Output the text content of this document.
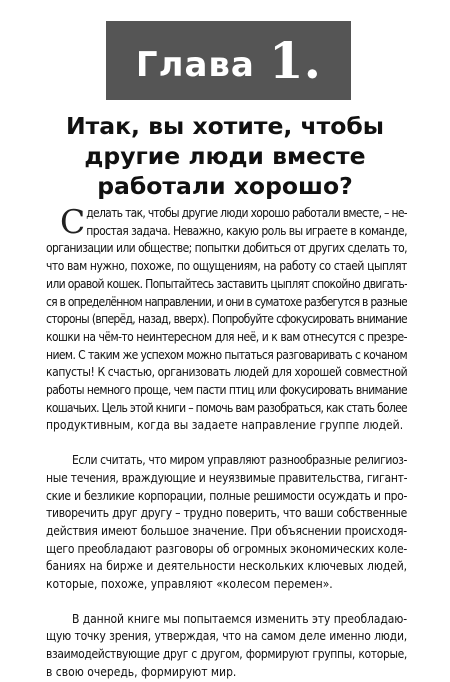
Глава 1.
Итак, вы хотите, чтобы
другие люди вместе
работали хорошо?
С делать так, чтобы другие люди хорошо работали вместе, – не-
простая задача. Неважно, какую роль вы играете в команде,
организации или обществе; попытки добиться от других сделать то,
что вам нужно, похоже, по ощущениям, на работу со стаей цыплят
или оравой кошек. Попытайтесь заставить цыплят спокойно двигать-
ся в определённом направлении, и они в суматохе разбегутся в разные
стороны (вперёд, назад, вверх). Попробуйте сфокусировать внимание
кошки на чём-то неинтересном для неё, и к вам отнесутся с презре-
нием. С таким же успехом можно пытаться разговаривать с кочаном
капусты! К счастью, организовать людей для хорошей совместной
работы немного проще, чем пасти птиц или фокусировать внимание
кошачьих. Цель этой книги – помочь вам разобраться, как стать более
продуктивным, когда вы задаете направление группе людей.
Если считать, что миром управляют разнообразные религиоз-
ные течения, враждующие и неуязвимые правительства, гигант-
ские и безликие корпорации, полные решимости осуждать и про-
тиворечить друг другу – трудно поверить, что ваши собственные
действия имеют большое значение. При объяснении происходя-
щего преобладают разговоры об огромных экономических коле-
баниях на бирже и деятельности нескольких ключевых людей,
которые, похоже, управляют «колесом перемен».
В данной книге мы попытаемся изменить эту преобладаю-
щую точку зрения, утверждая, что на самом деле именно люди,
взаимодействующие друг с другом, формируют группы, которые,
в свою очередь, формируют мир.
